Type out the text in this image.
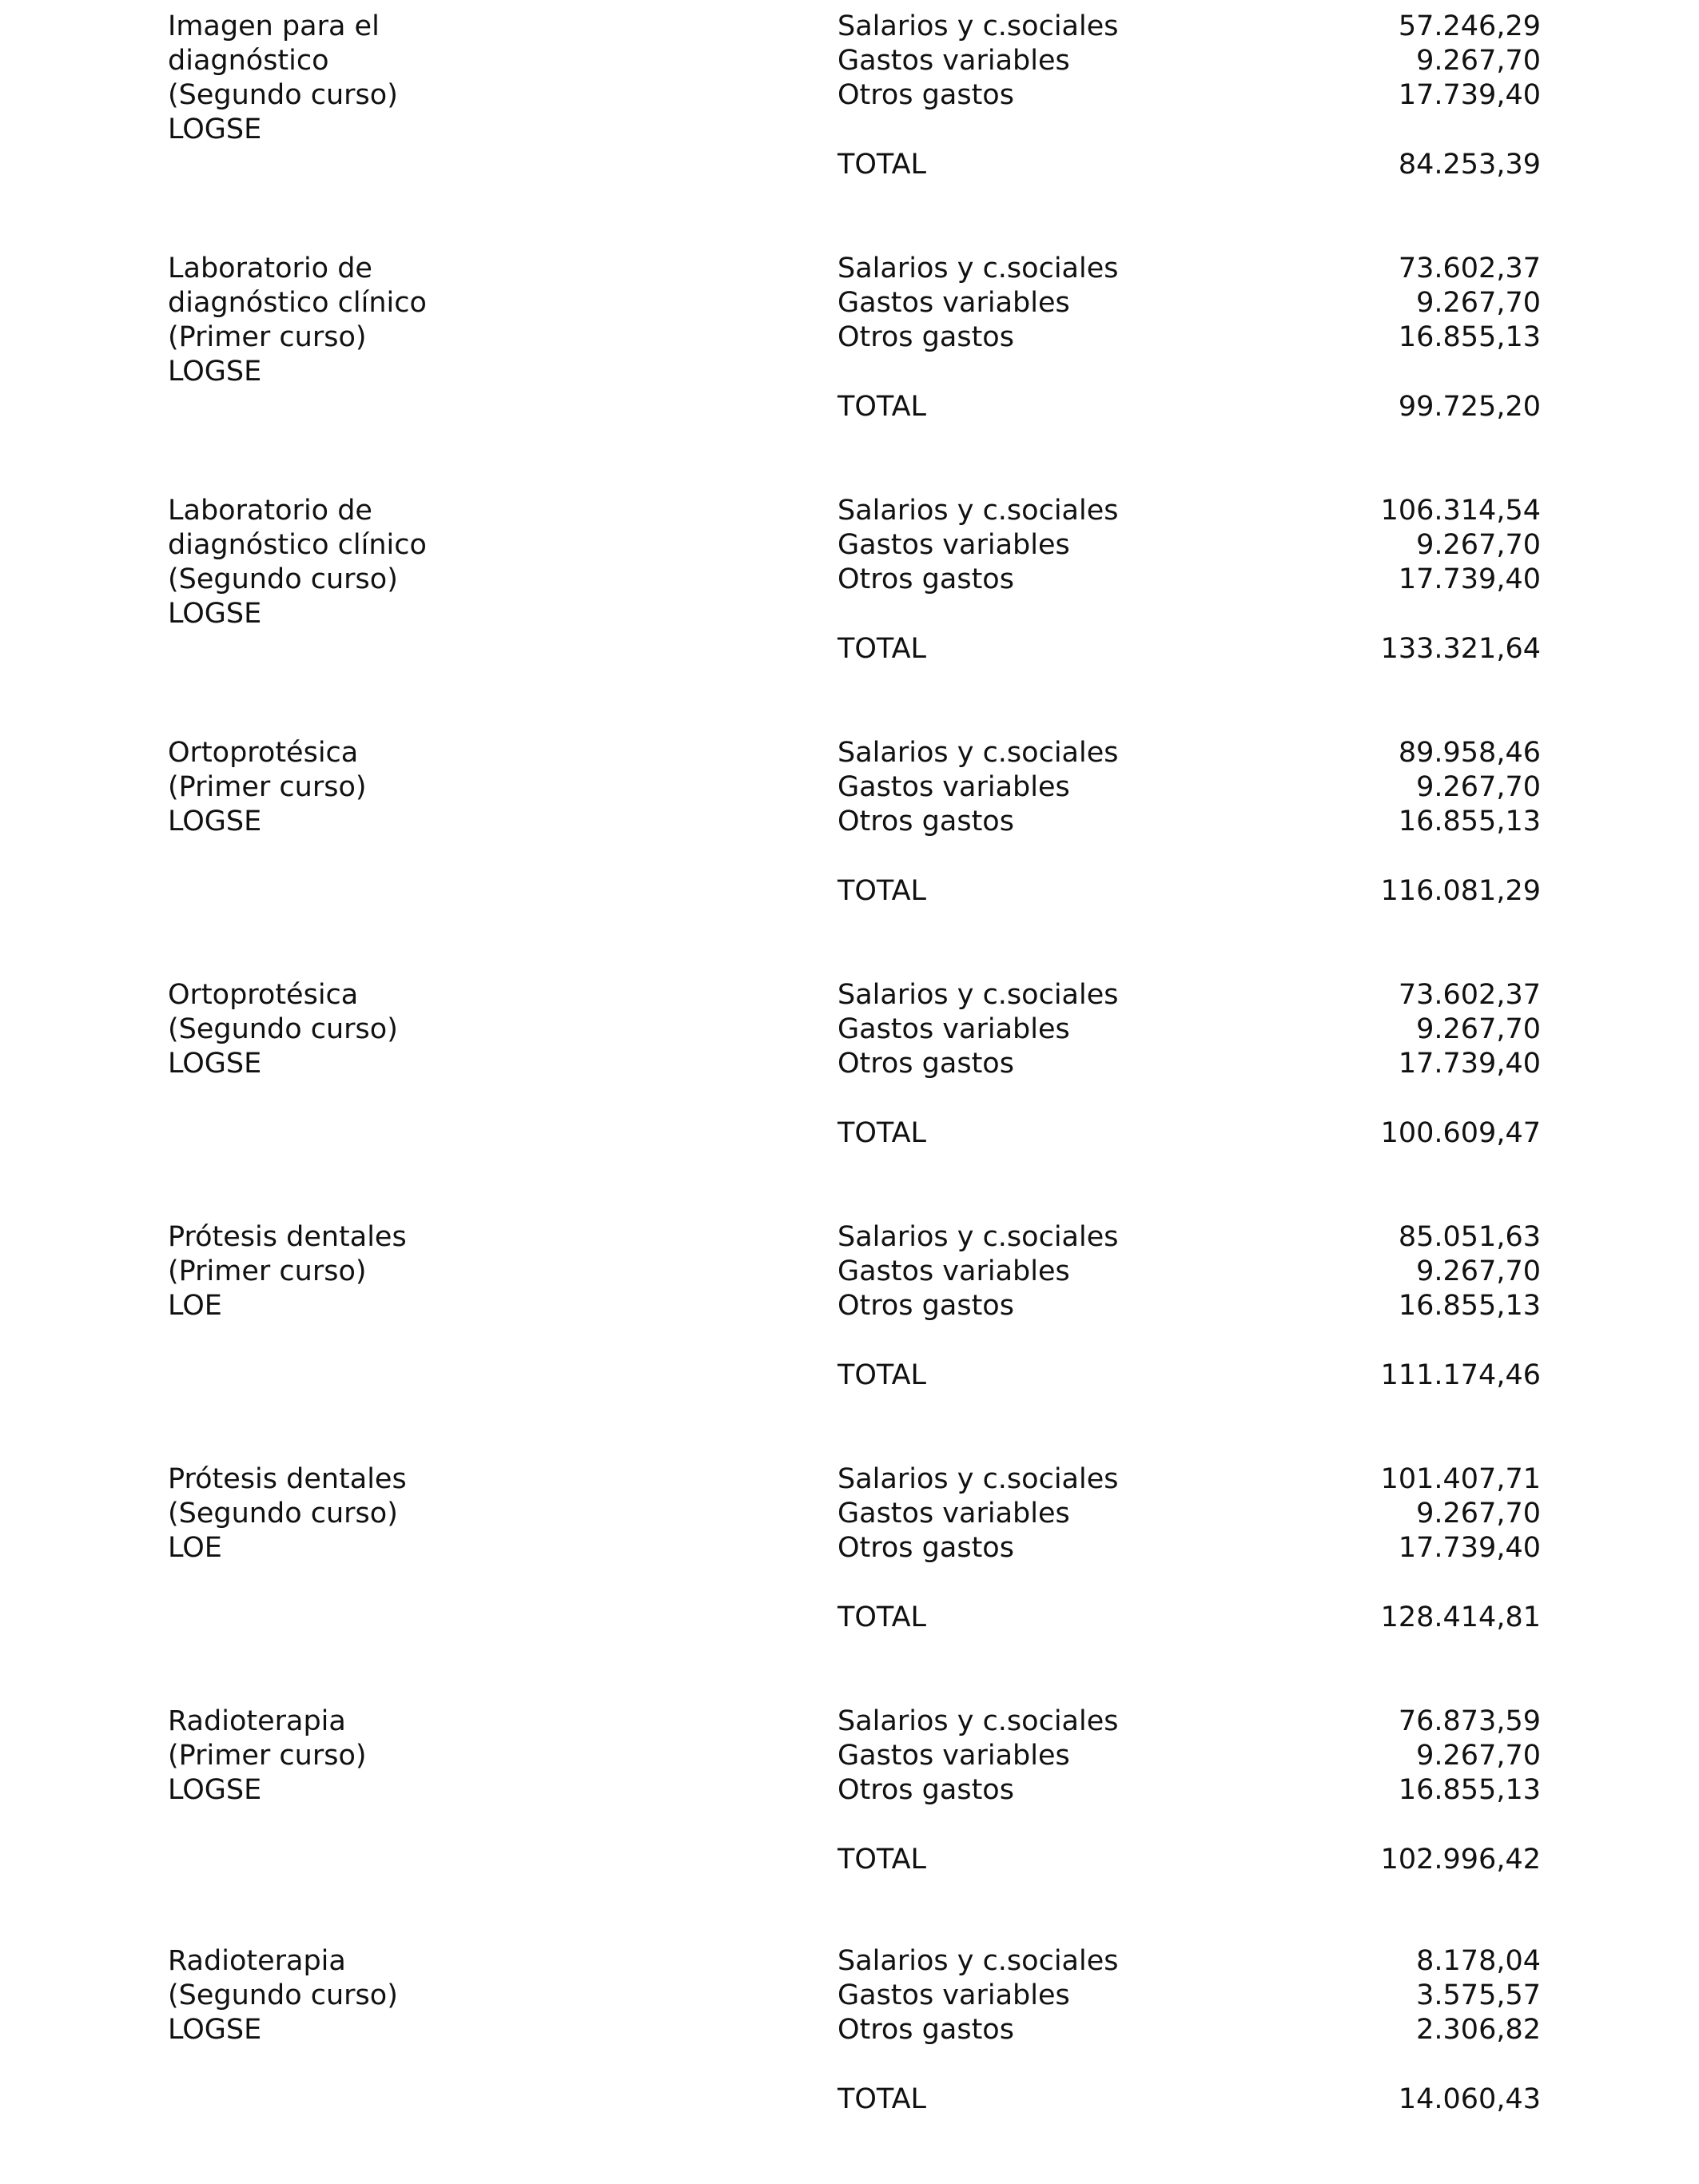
Imagen para el
diagnóstico
(Segundo curso)
LOGSE
Salarios y c.sociales	57.246,29
Gastos variables	9.267,70
Otros gastos	17.739,40
TOTAL	84.253,39
Laboratorio de
diagnóstico clínico
(Primer curso)
LOGSE
Salarios y c.sociales	73.602,37
Gastos variables	9.267,70
Otros gastos	16.855,13
TOTAL	99.725,20
Laboratorio de
diagnóstico clínico
(Segundo curso)
LOGSE
Salarios y c.sociales	106.314,54
Gastos variables	9.267,70
Otros gastos	17.739,40
TOTAL	133.321,64
Ortoprotésica
(Primer curso)
LOGSE
Salarios y c.sociales	89.958,46
Gastos variables	9.267,70
Otros gastos	16.855,13
TOTAL	116.081,29
Ortoprotésica
(Segundo curso)
LOGSE
Salarios y c.sociales	73.602,37
Gastos variables	9.267,70
Otros gastos	17.739,40
TOTAL	100.609,47
Prótesis dentales
(Primer curso)
LOE
Salarios y c.sociales	85.051,63
Gastos variables	9.267,70
Otros gastos	16.855,13
TOTAL	111.174,46
Prótesis dentales
(Segundo curso)
LOE
Salarios y c.sociales	101.407,71
Gastos variables	9.267,70
Otros gastos	17.739,40
TOTAL	128.414,81
Radioterapia
(Primer curso)
LOGSE
Salarios y c.sociales	76.873,59
Gastos variables	9.267,70
Otros gastos	16.855,13
TOTAL	102.996,42
Radioterapia
(Segundo curso)
LOGSE
Salarios y c.sociales	8.178,04
Gastos variables	3.575,57
Otros gastos	2.306,82
TOTAL	14.060,43
